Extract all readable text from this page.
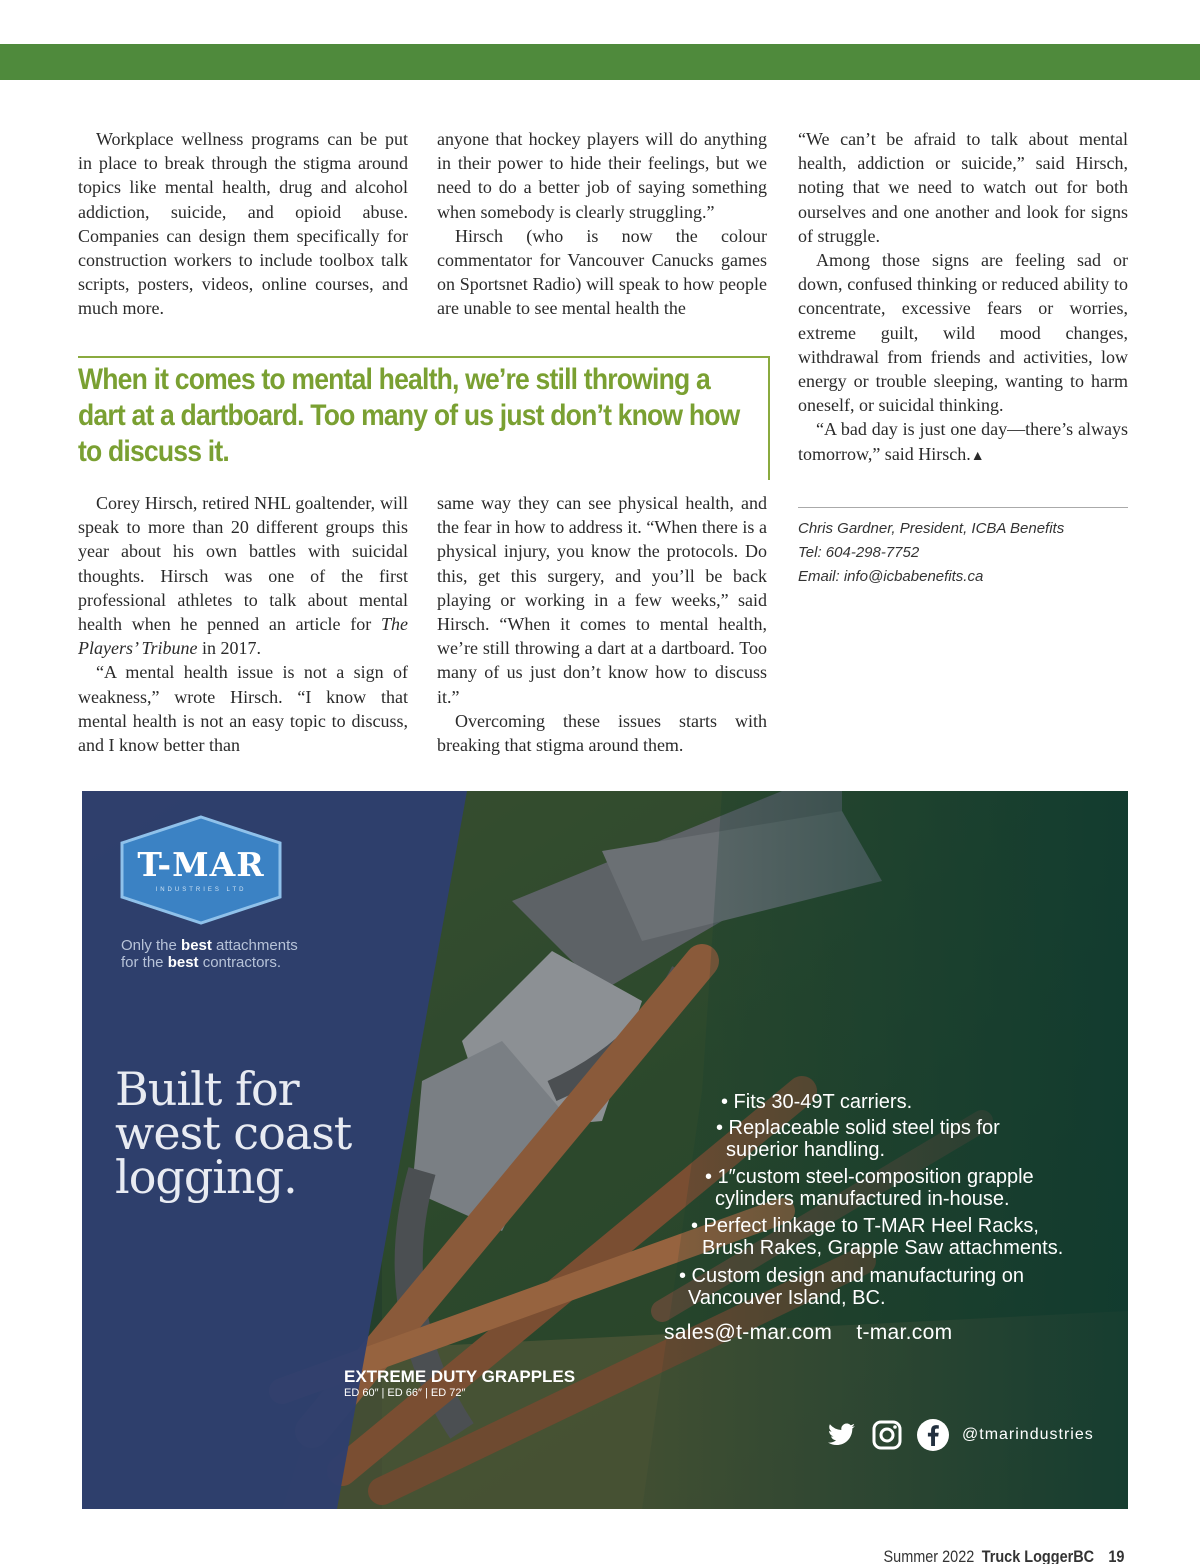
Workplace wellness programs can be put in place to break through the stigma around topics like mental health, drug and alcohol addiction, suicide, and opioid abuse. Companies can design them specifically for construction workers to include toolbox talk scripts, posters, videos, online courses, and much more.

anyone that hockey players will do anything in their power to hide their feelings, but we need to do a better job of saying something when somebody is clearly struggling.”

Hirsch (who is now the colour commentator for Vancouver Canucks games on Sportsnet Radio) will speak to how people are unable to see mental health the

“We can’t be afraid to talk about mental health, addiction or suicide,” said Hirsch, noting that we need to watch out for both ourselves and one another and look for signs of struggle.

Among those signs are feeling sad or down, confused thinking or reduced ability to concentrate, excessive fears or worries, extreme guilt, wild mood changes, withdrawal from friends and activities, low energy or trouble sleeping, wanting to harm oneself, or suicidal thinking.

“A bad day is just one day—there’s always tomorrow,” said Hirsch.▲

When it comes to mental health, we’re still throwing a dart at a dartboard. Too many of us just don’t know how to discuss it.

Corey Hirsch, retired NHL goaltender, will speak to more than 20 different groups this year about his own battles with suicidal thoughts. Hirsch was one of the first professional athletes to talk about mental health when he penned an article for The Players’ Tribune in 2017.

“A mental health issue is not a sign of weakness,” wrote Hirsch. “I know that mental health is not an easy topic to discuss, and I know better than

same way they can see physical health, and the fear in how to address it. “When there is a physical injury, you know the protocols. Do this, get this surgery, and you’ll be back playing or working in a few weeks,” said Hirsch. “When it comes to mental health, we’re still throwing a dart at a dartboard. Too many of us just don’t know how to discuss it.”

Overcoming these issues starts with breaking that stigma around them.

Chris Gardner, President, ICBA Benefits
Tel: 604-298-7752
Email: info@icbabenefits.ca
T-MAR
INDUSTRIES LTD
Only the best attachments
for the best contractors.
Built for
west coast
logging.
• Fits 30-49T carriers.
• Replaceable solid steel tips for
superior handling.
• 1″custom steel-composition grapple
cylinders manufactured in-house.
• Perfect linkage to T-MAR Heel Racks,
Brush Rakes, Grapple Saw attachments.
• Custom design and manufacturing on
Vancouver Island, BC.
sales@t-mar.com t-mar.com
EXTREME DUTY GRAPPLES
ED 60″ | ED 66″ | ED 72″
@tmarindustries
Summer 2022 Truck LoggerBC 19
